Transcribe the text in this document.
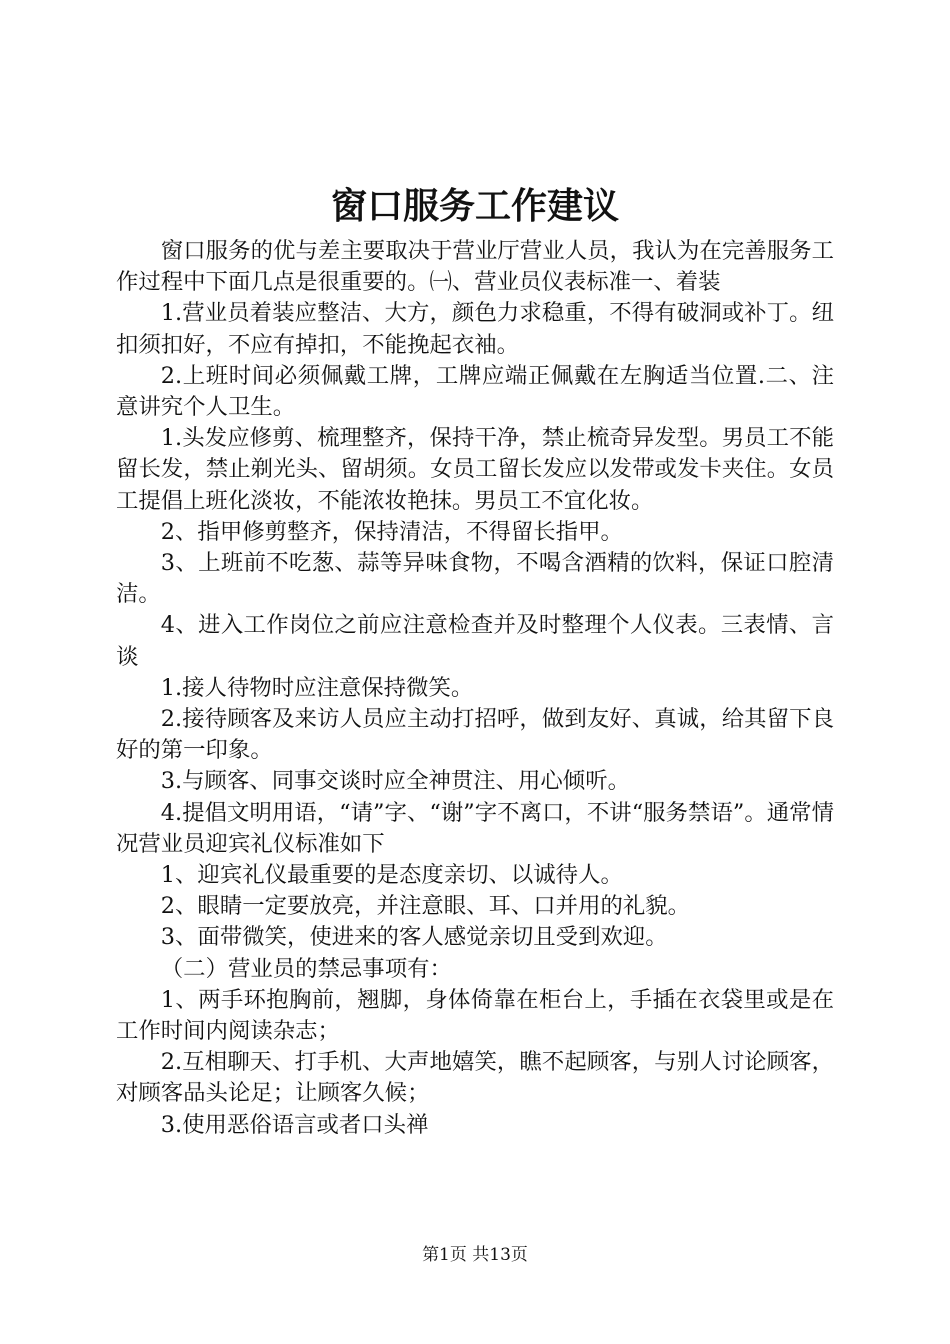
窗口服务工作建议

窗口服务的优与差主要取决于营业厅营业人员，我认为在完善服务工作过程中下面几点是很重要的。㈠、营业员仪表标准一、着装

1.营业员着装应整洁、大方，颜色力求稳重，不得有破洞或补丁。纽扣须扣好，不应有掉扣，不能挽起衣袖。

2.上班时间必须佩戴工牌，工牌应端正佩戴在左胸适当位置.二、注意讲究个人卫生。

1.头发应修剪、梳理整齐，保持干净，禁止梳奇异发型。男员工不能留长发，禁止剃光头、留胡须。女员工留长发应以发带或发卡夹住。女员工提倡上班化淡妆，不能浓妆艳抹。男员工不宜化妆。

2、指甲修剪整齐，保持清洁，不得留长指甲。

3、上班前不吃葱、蒜等异味食物，不喝含酒精的饮料，保证口腔清洁。

4、进入工作岗位之前应注意检查并及时整理个人仪表。三表情、言谈

1.接人待物时应注意保持微笑。

2.接待顾客及来访人员应主动打招呼，做到友好、真诚，给其留下良好的第一印象。

3.与顾客、同事交谈时应全神贯注、用心倾听。

4.提倡文明用语，“请”字、“谢”字不离口，不讲“服务禁语”。通常情况营业员迎宾礼仪标准如下

1、迎宾礼仪最重要的是态度亲切、以诚待人。

2、眼睛一定要放亮，并注意眼、耳、口并用的礼貌。

3、面带微笑，使进来的客人感觉亲切且受到欢迎。

（二）营业员的禁忌事项有：

1、两手环抱胸前，翘脚，身体倚靠在柜台上，手插在衣袋里或是在工作时间内阅读杂志；

2.互相聊天、打手机、大声地嬉笑，瞧不起顾客，与别人讨论顾客，对顾客品头论足；让顾客久候；

3.使用恶俗语言或者口头禅

第1页 共13页
